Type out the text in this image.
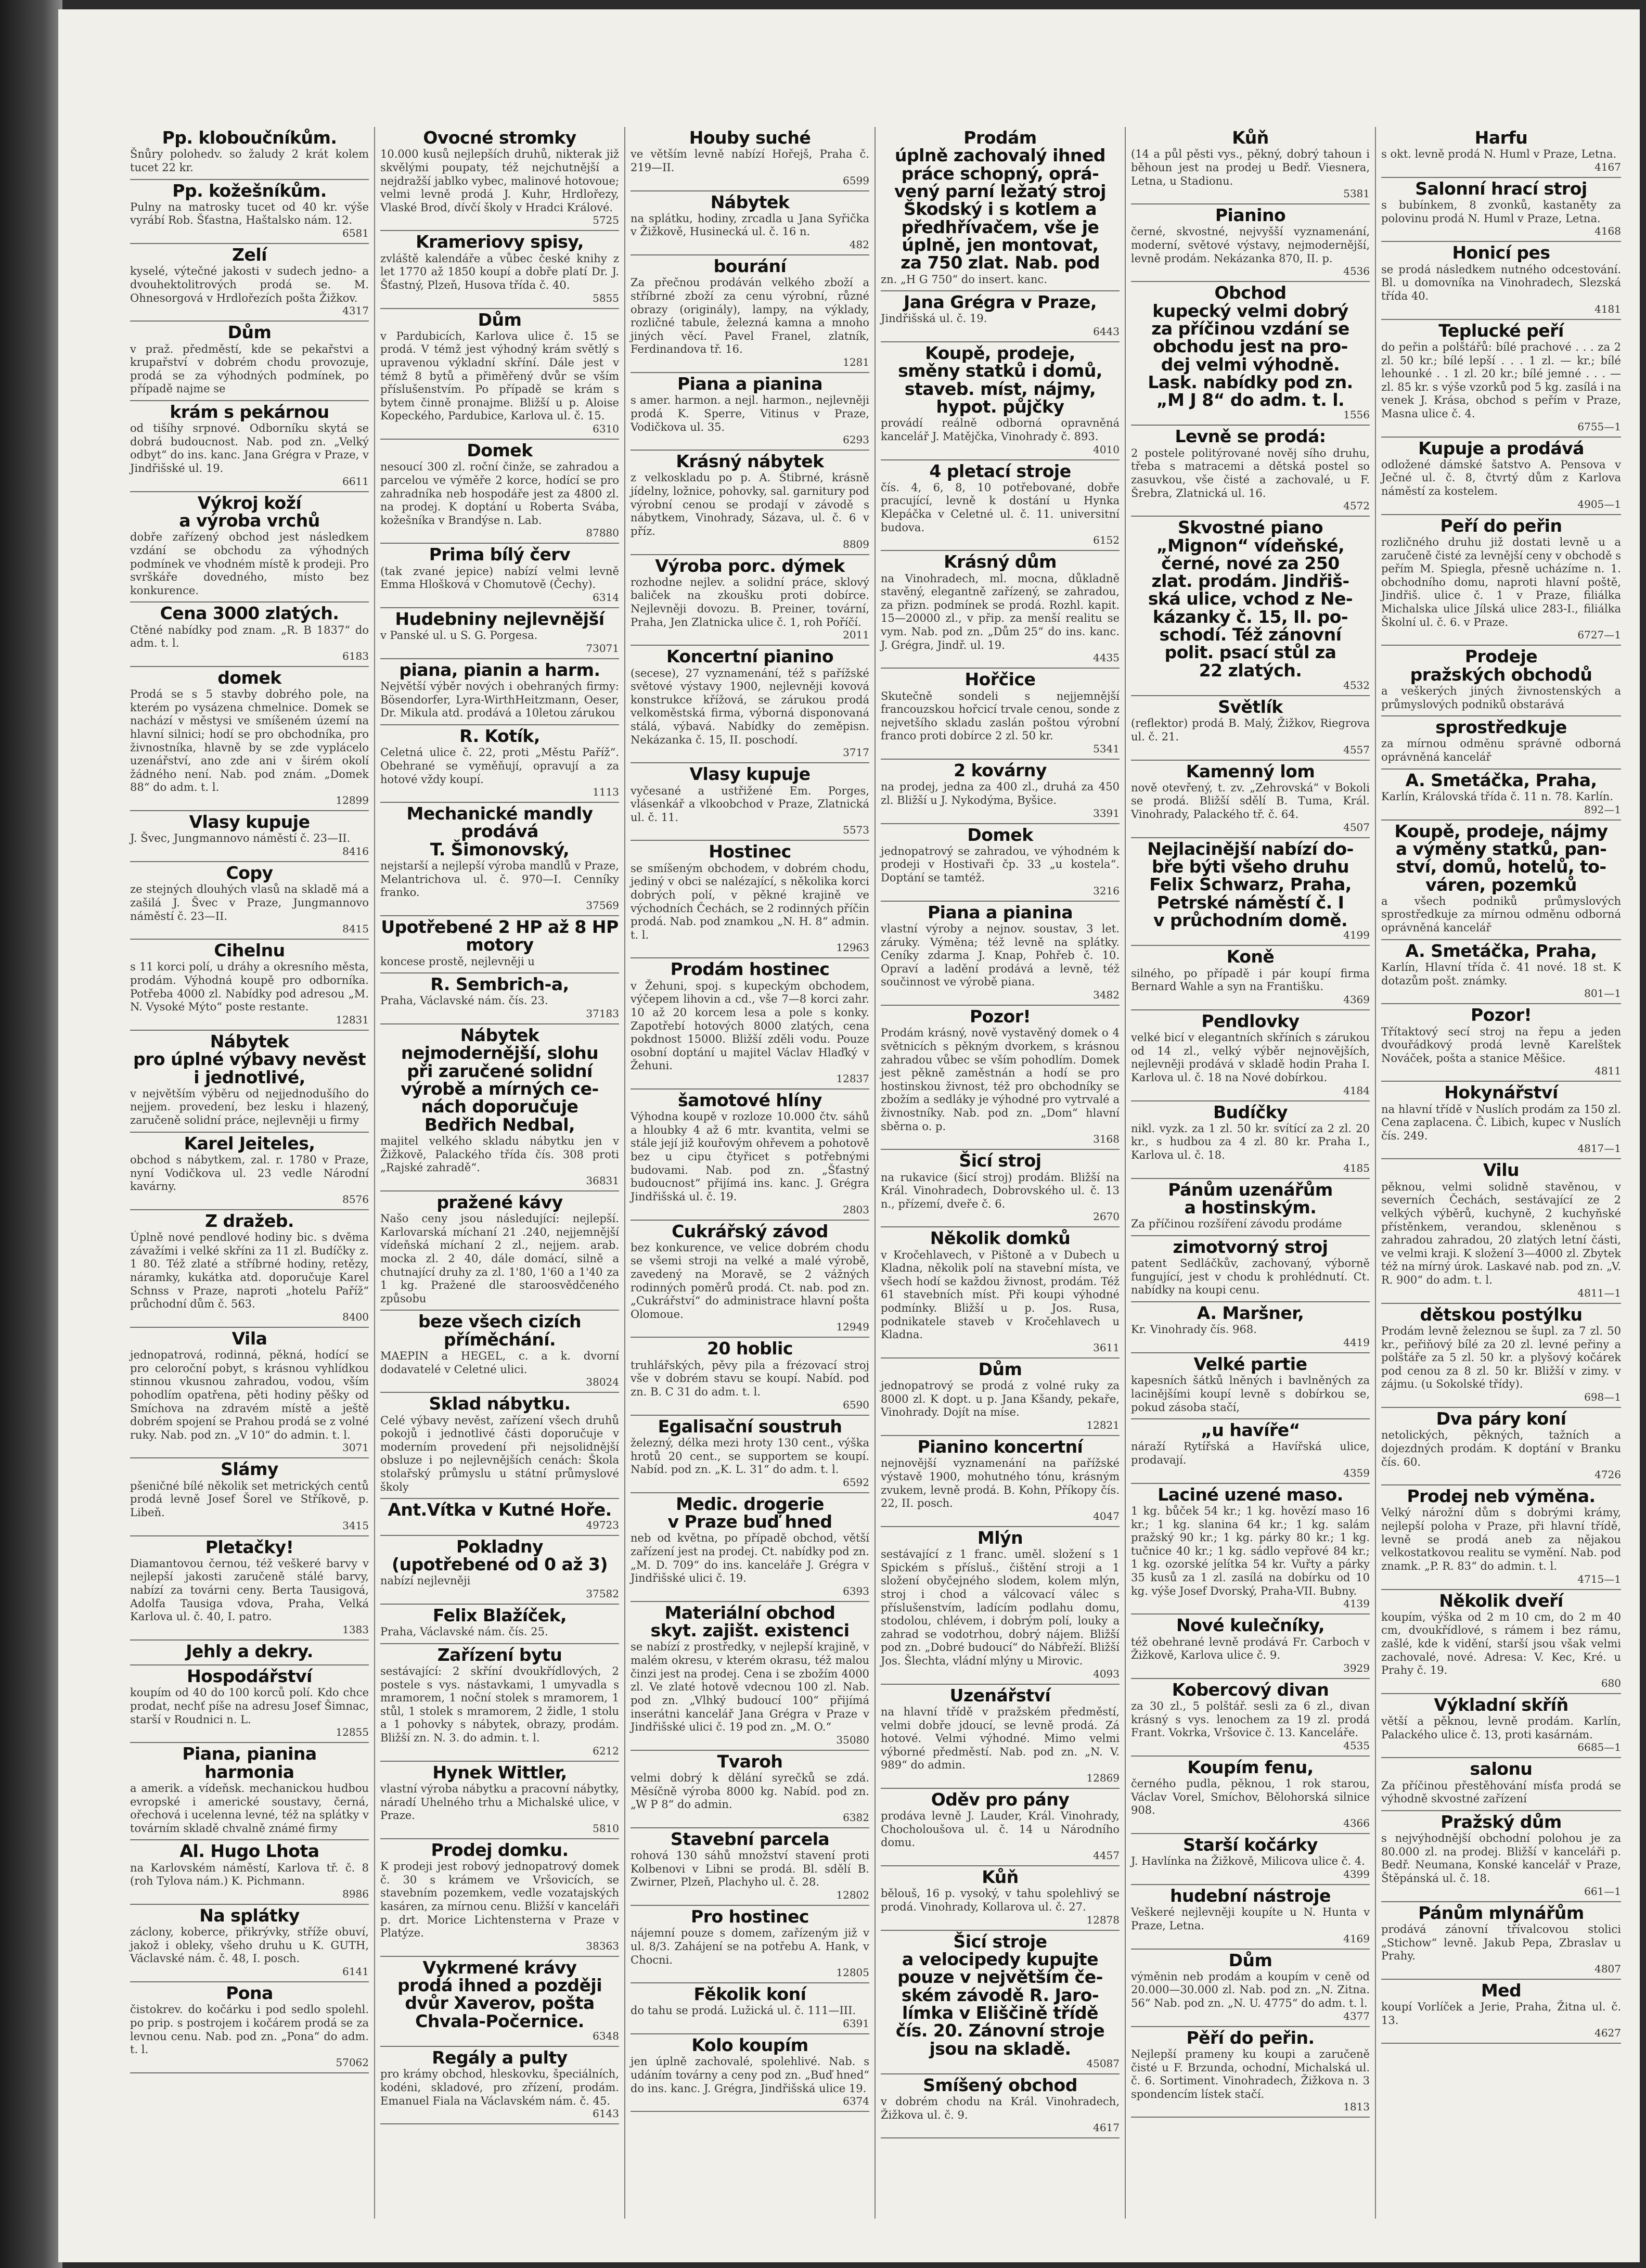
Pp. kloboučníkům.
Šnůry polohedv. so žaludy 2 krát kolem tucet 22 kr.
Pp. kožešníkům.
Pulny na matrosky tucet od 40 kr. výše vyrábí Rob. Šťastna, Haštalsko nám. 12.
6581
Zelí
kyselé, výtečné jakosti v sudech jedno- a dvouhektolitrových prodá se. M. Ohnesorgová v Hrdlořezích pošta Žižkov.
4317
Dům
v praž. předměstí, kde se pekařstvi a krupařství v dobrém chodu provozuje, prodá se za výhodných podmínek, po případě najme se
krám s pekárnou
od tišíhy srpnové. Odborníku skytá se dobrá budoucnost. Nab. pod zn. „Velký odbyt“ do ins. kanc. Jana Grégra v Praze, v Jindřišské ul. 19.
6611
Výkroj koží
a výroba vrchů
dobře zařízený obchod jest následkem vzdání se obchodu za výhodných podmínek ve vhodném místě k prodeji. Pro svrškáře dovedného, místo bez konkurence.
Cena 3000 zlatých.
Ctěné nabídky pod znam. „R. B 1837“ do adm. t. l.
6183
domek
Prodá se s 5 stavby dobrého pole, na kterém po vysázena chmelnice. Domek se nachází v městysi ve smíšeném území na hlavní silnici; hodí se pro obchodníka, pro živnostníka, hlavně by se zde vyplácelo uzenářství, ano zde ani v širém okolí žádného není. Nab. pod znám. „Domek 88“ do adm. t. l.
12899
Vlasy kupuje
J. Švec, Jungmannovo náměstí č. 23—II.
8416
Copy
ze stejných dlouhých vlasů na skladě má a zašilá J. Švec v Praze, Jungmannovo náměstí č. 23—II.
8415
Cihelnu
s 11 korci polí, u dráhy a okresního města, prodám. Výhodná koupě pro odborníka. Potřeba 4000 zl. Nabídky pod adresou „M. N. Vysoké Mýto“ poste restante.
12831
Nábytek
pro úplné výbavy nevěst i jednotlivé,
v největším výběru od nejjednodušího do nejjem. provedení, bez lesku i hlazený, zaručeně solidní práce, nejlevněji u firmy
Karel Jeiteles,
obchod s nábytkem, zal. r. 1780 v Praze, nyní Vodičkova ul. 23 vedle Národní kavárny.
8576
Z dražeb.
Úplně nové pendlové hodiny bic. s dvěma závažími i velké skříni za 11 zl. Budíčky z. 1 80. Též zlaté a stříbrné hodiny, retězy, náramky, kukátka atd. doporučuje Karel Schnss v Praze, naproti „hotelu Paříž“ průchodní dům č. 563.
8400
Vila
jednopatrová, rodinná, pěkná, hodící se pro celoroční pobyt, s krásnou vyhlídkou stinnou vkusnou zahradou, vodou, vším pohodlím opatřena, pěti hodiny pěšky od Smíchova na zdravém místě a ještě dobrém spojení se Prahou prodá se z volné ruky. Nab. pod zn. „V 10“ do admin. t. l.
3071
Slámy
pšeničné bílé několik set metrických centů prodá levně Josef Šorel ve Stříkově, p. Libeň.
3415
Pletačky!
Diamantovou černou, též veškeré barvy v nejlepší jakosti zaručeně stálé barvy, nabízí za továrni ceny. Berta Tausigová, Adolfa Tausiga vdova, Praha, Velká Karlova ul. č. 40, I. patro.
1383
Jehly a dekry.
Hospodářství
koupím od 40 do 100 korců polí. Kdo chce prodat, nechť píše na adresu Josef Šimnac, starší v Roudnici n. L.
12855
Piana, pianina
harmonia
a amerik. a vídeňsk. mechanickou hudbou evropské i americké soustavy, černá, ořechová i ucelenna levné, též na splátky v továrním skladě chvalně známé firmy
Al. Hugo Lhota
na Karlovském náměstí, Karlova tř. č. 8 (roh Tylova nám.) K. Pichmann.
8986
Na splátky
záclony, koberce, přikrývky, stříže obuví, jakož i obleky, všeho druhu u K. GUTH, Václavské nám. č. 48, I. posch.
6141
Pona
čistokrev. do kočárku i pod sedlo spolehl. po prip. s postrojem i kočárem prodá se za levnou cenu. Nab. pod zn. „Pona“ do adm. t. l.
57062
Ovocné stromky
10.000 kusů nejlepších druhů, nikterak již skvělými poupaty, též nejchutnější a nejdražší jablko vybec, malinové hotovoue; velmi levně prodá J. Kuhr, Hrdlořezy, Vlaské Brod, dívčí školy v Hradci Králové.
5725
Krameriovy spisy,
zvláště kalendáře a vůbec české knihy z let 1770 až 1850 koupí a dobře platí Dr. J. Šťastný, Plzeň, Husova třída č. 40.
5855
Dům
v Pardubicích, Karlova ulice č. 15 se prodá. V témž jest výhodný krám světlý s upravenou výkladní skříní. Dále jest v témž 8 bytů a přiměřený dvůr se vším příslušenstvím. Po případě se krám s bytem činně pronajme. Bližší u p. Aloise Kopeckého, Pardubice, Karlova ul. č. 15.
6310
Domek
nesoucí 300 zl. roční činže, se zahradou a parcelou ve výměře 2 korce, hodící se pro zahradníka neb hospodáře jest za 4800 zl. na prodej. K doptání u Roberta Svába, kožešníka v Brandýse n. Lab.
87880
Prima bílý červ
(tak zvané jepice) nabízí velmi levně Emma Hlošková v Chomutově (Čechy).
6314
Hudebniny nejlevnější
v Panské ul. u S. G. Porgesa.
73071
piana, pianin a harm.
Největší výběr nových i obehraných firmy: Bösendorfer, Lyra-WirthHeitzmann, Oeser, Dr. Mikula atd. prodává a 10letou zárukou
R. Kotík,
Celetná ulice č. 22, proti „Městu Paříž“. Obehrané se vyměňují, opravují a za hotové vždy koupí.
1113
Mechanické mandly
prodává
T. Šimonovský,
nejstarší a nejlepší výroba mandlů v Praze, Melantrichova ul. č. 970—I. Cenníky franko.
37569
Upotřebené 2 HP až 8 HP motory
koncese prostě, nejlevněji u
R. Sembrich-a,
Praha, Václavské nám. čís. 23.
37183
Nábytek
nejmodernější, slohu
při zaručené solidní
výrobě a mírných ce-
nách doporučuje
Bedřich Nedbal,
majitel velkého skladu nábytku jen v Žižkově, Palackého třída čís. 308 proti „Rajské zahradě“.
36831
pražené kávy
Našo ceny jsou následující: nejlepší. Karlovarská míchaní 21 .240, nejjemnější vídeňská míchaní 2 zl., nejjem. arab. mocka zl. 2 40, dále domácí, silně a chutnající druhy za zl. 1'80, 1'60 a 1'40 za 1 kg. Pražené dle staroosvědčeného způsobu
beze všech cizích příměchání.
MAEPIN a HEGEL, c. a k. dvorní dodavatelé v Celetné ulici.
38024
Sklad nábytku.
Celé výbavy nevěst, zařízení všech druhů pokojů i jednotlivé části doporučuje v moderním provedení při nejsolidnější obsluze i po nejlevnějších cenách: Škola stolařský průmyslu u státní průmyslové školy
Ant.Vítka v Kutné Hoře.
49723
Pokladny
(upotřebené od 0 až 3)
nabízí nejlevněji
37582
Felix Blažíček,
Praha, Václavské nám. čís. 25.
Zařízení bytu
sestávající: 2 skříní dvoukřídlových, 2 postele s vys. nástavkami, 1 umyvadla s mramorem, 1 noční stolek s mramorem, 1 stůl, 1 stolek s mramorem, 2 židle, 1 stolu a 1 pohovky s nábytek, obrazy, prodám. Bližší zn. N. 3. do admin. t. l.
6212
Hynek Wittler,
vlastní výroba nábytku a pracovní nábytky, náradí Uhelného trhu a Michalské ulice, v Praze.
5810
Prodej domku.
K prodeji jest robový jednopatrový domek č. 30 s krámem ve Vršovicích, se stavebním pozemkem, vedle vozatajských kasáren, za mírnou cenu. Bližší v kanceláři p. drt. Morice Lichtensterna v Praze v Platýze.
38363
Vykrmené krávy
prodá ihned a později
dvůr Xaverov, pošta
Chvala-Počernice.
6348
Regály a pulty
pro krámy obchod, hleskovku, špeciálních, kodéni, skladové, pro zřízení, prodám. Emanuel Fiala na Václavském nám. č. 45.
6143
Houby suché
ve větším levně nabízí Hořejš, Praha č. 219—II.
6599
Nábytek
na splátku, hodiny, zrcadla u Jana Syřička v Žižkově, Husinecká ul. č. 16 n.
482
bourání
Za přečnou prodáván velkého zboží a stříbrné zboží za cenu výrobní, různé obrazy (originály), lampy, na výklady, rozličné tabule, železná kamna a mnoho jiných věcí. Pavel Franel, zlatník, Ferdinandova tř. 16.
1281
Piana a pianina
s amer. harmon. a nejl. harmon., nejlevněji prodá K. Sperre, Vitinus v Praze, Vodičkova ul. 35.
6293
Krásný nábytek
z velkoskladu po p. A. Štibrné, krásně jídelny, ložnice, pohovky, sal. garnitury pod výrobní cenou se prodají v závodě s nábytkem, Vinohrady, Sázava, ul. č. 6 v příz.
8809
Výroba porc. dýmek
rozhodne nejlev. a solidní práce, sklový baliček na zkoušku proti dobírce. Nejlevněji dovozu. B. Preiner, tovární, Praha, Jen Zlatnicka ulice č. 1, roh Poříčí.
2011
Koncertní pianino
(secese), 27 vyznamenání, též s pařížské světové výstavy 1900, nejlevněji kovová konstrukce křížová, se zárukou prodá velkoměstská firma, výborná disponovaná stálá, výbavá. Nabídky do zeměpisn. Nekázanka č. 15, II. poschodí.
3717
Vlasy kupuje
vyčesané a ustřižené Em. Porges, vlásenkář a vlkoobchod v Praze, Zlatnická ul. č. 11.
5573
Hostinec
se smíšeným obchodem, v dobrém chodu, jediný v obci se nalézající, s několika korci dobrých polí, v pěkné krajině ve východních Čechách, se 2 rodinných příčin prodá. Nab. pod znamkou „N. H. 8“ admin. t. l.
12963
Prodám hostinec
v Žehuni, spoj. s kupeckým obchodem, výčepem lihovin a cd., vše 7—8 korci zahr. 10 až 20 korcem lesa a pole s konky. Zapotřebí hotových 8000 zlatých, cena pokdnost 15000. Bližší zděli vodu. Pouze osobní doptání u majitel Václav Hlaďký v Žehuni.
12837
šamotové hlíny
Výhodna koupě v rozloze 10.000 čtv. sáhů a hloubky 4 až 6 mtr. kvantita, velmi se stále její již kouřovým ohřevem a pohotově bez u cipu čtyřicet s potřebnými budovami. Nab. pod zn. „Šťastný budoucnost“ přijímá ins. kanc. J. Grégra Jindřišská ul. č. 19.
2803
Cukrářský závod
bez konkurence, ve velice dobrém chodu se všemi stroji na velké a malé výrobě, zavedený na Moravě, se 2 vážných rodinných poměrů prodá. Ct. nab. pod zn. „Cukrářství“ do administrace hlavní pošta Olomoue.
12949
20 hoblic
truhlářských, pěvy pila a frézovací stroj vše v dobrém stavu se koupí. Nabíd. pod zn. B. C 31 do adm. t. l.
6590
Egalisační soustruh
železný, délka mezi hroty 130 cent., výška hrotů 20 cent., se supportem se koupí. Nabíd. pod zn. „K. L. 31“ do adm. t. l.
6592
Medic. drogerie
v Praze buď hned
neb od května, po případě obchod, větší zařízení jest na prodej. Ct. nabídky pod zn. „M. D. 709“ do ins. kanceláře J. Grégra v Jindřišské ulici č. 19.
6393
Materiální obchod
skyt. zajišt. existenci
se nabízí z prostředky, v nejlepší krajině, v malém okresu, v kterém okrasu, též malou činzi jest na prodej. Cena i se zbožím 4000 zl. Ve zlaté hotově vdecnou 100 zl. Nab. pod zn. „Vlhký budoucí 100“ přijímá inserátni kancelář Jana Grégra v Praze v Jindřišské ulici č. 19 pod zn. „M. O.“
35080
Tvaroh
velmi dobrý k dělání syrečků se zdá. Měsíčně výroba 8000 kg. Nabíd. pod zn. „W P 8“ do admin.
6382
Stavební parcela
rohová 130 sáhů množství stavení proti Kolbenovi v Libni se prodá. Bl. sdělí B. Zwirner, Plzeň, Plachyho ul. č. 28.
12802
Pro hostinec
nájemní pouze s domem, zařízeným již v ul. 8/3. Zahájení se na potřebu A. Hank, v Chocni.
12805
Fěkolik koní
do tahu se prodá. Lužická ul. č. 111—III.
6391
Kolo koupím
jen úplně zachovalé, spolehlivé. Nab. s udáním továrny a ceny pod zn. „Buď hned“ do ins. kanc. J. Grégra, Jindřišská ulice 19.
6374
Prodám
úplně zachovalý ihned
práce schopný, oprá-
vený parní ležatý stroj
Škodský i s kotlem a
předhřívačem, vše je
úplně, jen montovat,
za 750 zlat. Nab. pod
zn. „H G 750“ do insert. kanc.
Jana Grégra v Praze,
Jindřišská ul. č. 19.
6443
Koupě, prodeje,
směny statků i domů,
staveb. míst, nájmy,
hypot. půjčky
provádí reálně odborná opravněná kancelář J. Matějčka, Vinohrady č. 893.
4010
4 pletací stroje
čís. 4, 6, 8, 10 potřebované, dobře pracující, levně k dostání u Hynka Klepáčka v Celetné ul. č. 11. universitní budova.
6152
Krásný dům
na Vinohradech, ml. mocna, důkladně stavěný, elegantně zařízený, se zahradou, za přizn. podmínek se prodá. Rozhl. kapit. 15—20000 zl., v přip. za menší realitu se vym. Nab. pod zn. „Dům 25“ do ins. kanc. J. Grégra, Jindř. ul. 19.
4435
Hořčice
Skutečně sondeli s nejjemnější francouzskou hořcicí trvale cenou, sonde z nejvetšího skladu zaslán poštou výrobní franco proti dobírce 2 zl. 50 kr.
5341
2 kovárny
na prodej, jedna za 400 zl., druhá za 450 zl. Bližší u J. Nykodýma, Byšice.
3391
Domek
jednopatrový se zahradou, ve výhodném k prodeji v Hostivaři čp. 33 „u kostela“. Doptání se tamtéž.
3216
Piana a pianina
vlastní výroby a nejnov. soustav, 3 let. záruky. Výměna; též levně na splátky. Ceníky zdarma J. Knap, Pohřeb č. 10. Opraví a ladění prodává a levně, též součinnost ve výrobě piana.
3482
Pozor!
Prodám krásný, nově vystavěný domek o 4 světnicích s pěkným dvorkem, s krásnou zahradou vůbec se vším pohodlím. Domek jest pěkně zaměstnán a hodí se pro hostinskou živnost, též pro obchodníky se zbožím a sedláky je výhodné pro vytrvalé a živnostníky. Nab. pod zn. „Dom“ hlavní sběrna o. p.
3168
Šicí stroj
na rukavice (šicí stroj) prodám. Bližší na Král. Vinohradech, Dobrovského ul. č. 13 n., přízemí, dveře č. 6.
2670
Několik domků
v Kročehlavech, v Pištoně a v Dubech u Kladna, několik polí na stavební místa, ve všech hodí se každou živnost, prodám. Též 61 stavebních míst. Při koupi výhodné podmínky. Bližší u p. Jos. Rusa, podnikatele staveb v Kročehlavech u Kladna.
3611
Dům
jednopatrový se prodá z volné ruky za 8000 zl. K dopt. u p. Jana Kšandy, pekaře, Vinohrady. Dojít na míse.
12821
Pianino koncertní
nejnovější vyznamenání na pařížské výstavě 1900, mohutného tónu, krásným zvukem, levně prodá. B. Kohn, Příkopy čís. 22, II. posch.
4047
Mlýn
sestávající z 1 franc. uměl. složení s 1 Spickém s přísluš., čištění stroji a 1 složení obyčejného slodem, kolem mlýn, stroj i chod a válcovací válec s příslušenstvím, ladícím podlahu domu, stodolou, chlévem, i dobrým polí, louky a zahrad se vodotrhou, dobrý nájem. Bližší pod zn. „Dobré budoucí“ do Nábřeží. Bližší Jos. Šlechta, vládní mlýny u Mirovic.
4093
Uzenářství
na hlavní třídě v pražském předměstí, velmi dobře jdoucí, se levně prodá. Zá hotové. Velmi výhodné. Mimo velmi výborné předměstí. Nab. pod zn. „N. V. 989“ do admin.
12869
Oděv pro pány
prodáva levně J. Lauder, Král. Vinohrady, Chocholoušova ul. č. 14 u Národního domu.
4457
Kůň
bělouš, 16 p. vysoký, v tahu spolehlivý se prodá. Vinohrady, Kollarova ul. č. 27.
12878
Šicí stroje
a velocipedy kupujte
pouze v největším če-
ském závodě R. Jaro-
límka v Eliščině třídě
čís. 20. Zánovní stroje
jsou na skladě.
45087
Smíšený obchod
v dobrém chodu na Král. Vinohradech, Žižkova ul. č. 9.
4617
Kůň
(14 a půl pěsti vys., pěkný, dobrý tahoun i běhoun jest na prodej u Bedř. Viesnera, Letna, u Stadionu.
5381
Pianino
černé, skvostné, nejvyšší vyznamenání, moderní, světové výstavy, nejmodernější, levně prodám. Nekázanka 870, II. p.
4536
Obchod
kupecký velmi dobrý
za příčinou vzdání se
obchodu jest na pro-
dej velmi výhodně.
Lask. nabídky pod zn.
„M J 8“ do adm. t. l.
1556
Levně se prodá:
2 postele politýrované nověj sího druhu, třeba s matracemi a dětská postel so zasuvkou, vše čisté a zachovalé, u F. Šrebra, Zlatnická ul. 16.
4572
Skvostné piano
„Mignon“ vídeňské,
černé, nové za 250
zlat. prodám. Jindřiš-
ská ulice, vchod z Ne-
kázanky č. 15, II. po-
schodí. Též zánovní
polit. psací stůl za
22 zlatých.
4532
Světlík
(reflektor) prodá B. Malý, Žižkov, Riegrova ul. č. 21.
4557
Kamenný lom
nově otevřený, t. zv. „Zehrovská“ v Bokoli se prodá. Bližší sdělí B. Tuma, Král. Vinohrady, Palackého tř. č. 64.
4507
Nejlacinější nabízí do-
bře býti všeho druhu
Felix Schwarz, Praha,
Petrské náměstí č. I
v průchodním domě.
4199
Koně
silného, po případě i pár koupí firma Bernard Wahle a syn na Františku.
4369
Pendlovky
velké bicí v elegantních skříních s zárukou od 14 zl., velký výběr nejnovějších, nejlevněji prodává v skladě hodin Praha I. Karlova ul. č. 18 na Nové dobírkou.
4184
Budíčky
nikl. vyzk. za 1 zl. 50 kr. svítící za 2 zl. 20 kr., s hudbou za 4 zl. 80 kr. Praha I., Karlova ul. č. 18.
4185
Pánům uzenářům
a hostinským.
Za příčinou rozšíření závodu prodáme
zimotvorný stroj
patent Sedláčkův, zachovaný, výborně fungující, jest v chodu k prohlédnutí. Ct. nabídky na koupi cenu.
A. Maršner,
Kr. Vinohrady čís. 968.
4419
Velké partie
kapesních šátků lněných i bavlněných za lacinějšími koupí levně s dobírkou se, pokud zásoba stačí,
„u havíře“
náraží Rytířská a Havířská ulice, prodavají.
4359
Laciné uzené maso.
1 kg. bůček 54 kr.; 1 kg. hovězí maso 16 kr.; 1 kg. slanina 64 kr.; 1 kg. salám pražský 90 kr.; 1 kg. párky 80 kr.; 1 kg. tučnice 40 kr.; 1 kg. sádlo vepřové 84 kr.; 1 kg. ozorské jelítka 54 kr. Vuřty a párky 35 kusů za 1 zl. zasílá na dobírku od 10 kg. výše Josef Dvorský, Praha-VII. Bubny.
4139
Nové kulečníky,
též obehrané levně prodává Fr. Carboch v Žižkově, Karlova ulice č. 9.
3929
Kobercový divan
za 30 zl., 5 polštář. sesli za 6 zl., divan krásný s vys. lenochem za 19 zl. prodá Frant. Vokrka, Vršovice č. 13. Kanceláře.
4535
Koupím fenu,
černého pudla, pěknou, 1 rok starou, Václav Vorel, Smíchov, Bělohorská silnice 908.
4366
Starší kočárky
J. Havlínka na Žižkově, Milicova ulice č. 4.
4399
hudební nástroje
Veškeré nejlevněji koupíte u N. Hunta v Praze, Letna.
4169
Dům
výměnin neb prodám a koupím v ceně od 20.000—30.000 zl. Nab. pod zn. „N. Zitna. 56“ Nab. pod zn. „N. U. 4775“ do adm. t. l.
4377
Pěří do peřin.
Nejlepší prameny ku koupi a zaručeně čisté u F. Brzunda, ochodní, Michalská ul. č. 6. Sortiment. Vinohradech, Žižkova n. 3 spondencím lístek stačí.
1813
Harfu
s okt. levně prodá N. Huml v Praze, Letna.
4167
Salonní hrací stroj
s bubínkem, 8 zvonků, kastaněty za polovinu prodá N. Huml v Praze, Letna.
4168
Honicí pes
se prodá následkem nutného odcestování. Bl. u domovníka na Vinohradech, Slezská třída 40.
4181
Teplucké peří
do peřin a polštářů: bílé prachové . . . za 2 zl. 50 kr.; bílé lepší . . . 1 zl. — kr.; bílé lehounké . . 1 zl. 20 kr.; bílé jemné . . . — zl. 85 kr. s výše vzorků pod 5 kg. zasílá i na venek J. Krása, obchod s peřím v Praze, Masna ulice č. 4.
6755—1
Kupuje a prodává
odložené dámské šatstvo A. Pensova v Ječné ul. č. 8, čtvrtý dům z Karlova náměstí za kostelem.
4905—1
Peří do peřin
rozličného druhu již dostati levně u a zaručeně čisté za levnější ceny v obchodě s peřím M. Spiegla, přesně ucházíme n. 1. obchodního domu, naproti hlavní poště, Jindřiš. ulice č. 1 v Praze, filiálka Michalska ulice Jílská ulice 283-I., filiálka Školní ul. č. 6. v Praze.
6727—1
Prodeje
pražských obchodů
a veškerých jiných živnostenských a průmyslových podniků obstarává
sprostředkuje
za mírnou odměnu správně odborná oprávněná kancelář
A. Smetáčka, Praha,
Karlín, Královská třída č. 11 n. 78. Karlín.
892—1
Koupě, prodeje, nájmy
a výměny statků, pan-
ství, domů, hotelů, to-
váren, pozemků
a všech podniků průmyslových sprostředkuje za mírnou odměnu odborná oprávněná kancelář
A. Smetáčka, Praha,
Karlín, Hlavní třída č. 41 nové. 18 st. K dotazům pošt. známky.
801—1
Pozor!
Třítaktový secí stroj na řepu a jeden dvouřádkový prodá levně Karelštek Nováček, pošta a stanice Měšice.
4811
Hokynářství
na hlavní třídě v Nuslích prodám za 150 zl. Cena zaplacena. Č. Libich, kupec v Nuslích čís. 249.
4817—1
Vilu
pěknou, velmi solidně stavěnou, v severních Čechách, sestávající ze 2 velkých výběrů, kuchyně, 2 kuchyňské přístěnkem, verandou, skleněnou s zahradou zahradou, 20 zlatých letní části, ve velmi kraji. K složení 3—4000 zl. Zbytek též na mírný úrok. Laskavé nab. pod zn. „V. R. 900“ do adm. t. l.
4811—1
dětskou postýlku
Prodám levně železnou se šupl. za 7 zl. 50 kr., peřiňový bílé za 20 zl. levné peřiny a polštáře za 5 zl. 50 kr. a plyšový kočárek pod cenou za 8 zl. 50 kr. Bližší v zimy. v zájmu. (u Sokolské třídy).
698—1
Dva páry koní
netolických, pěkných, tažních a dojezdných prodám. K doptání v Branku čís. 60.
4726
Prodej neb výměna.
Velký nárožní dům s dobrými krámy, nejlepší poloha v Praze, při hlavní třídě, levně se prodá aneb za nějakou velkostatkovou realitu se vymění. Nab. pod znamk. „P. R. 83“ do admin. t. l.
4715—1
Několik dveří
koupím, výška od 2 m 10 cm, do 2 m 40 cm, dvoukřídlové, s rámem i bez rámu, zašlé, kde k vidění, starší jsou však velmi zachovalé, nové. Adresa: V. Kec, Kré. u Prahy č. 19.
680
Výkladní skříň
větší a pěknou, levně prodám. Karlín, Palackého ulice č. 13, proti kasárnám.
6685—1
salonu
Za příčinou přestěhování mísťa prodá se výhodně skvostné zařízení
Pražský dům
s nejvýhodnější obchodní polohou je za 80.000 zl. na prodej. Bližší v kanceláři p. Bedř. Neumana, Konské kancelář v Praze, Štěpánská ul. č. 18.
661—1
Pánům mlynářům
prodává zánovní třívalcovou stolici „Stichow“ levně. Jakub Pepa, Zbraslav u Prahy.
4807
Med
koupí Vorlíček a Jerie, Praha, Žitna ul. č. 13.
4627
